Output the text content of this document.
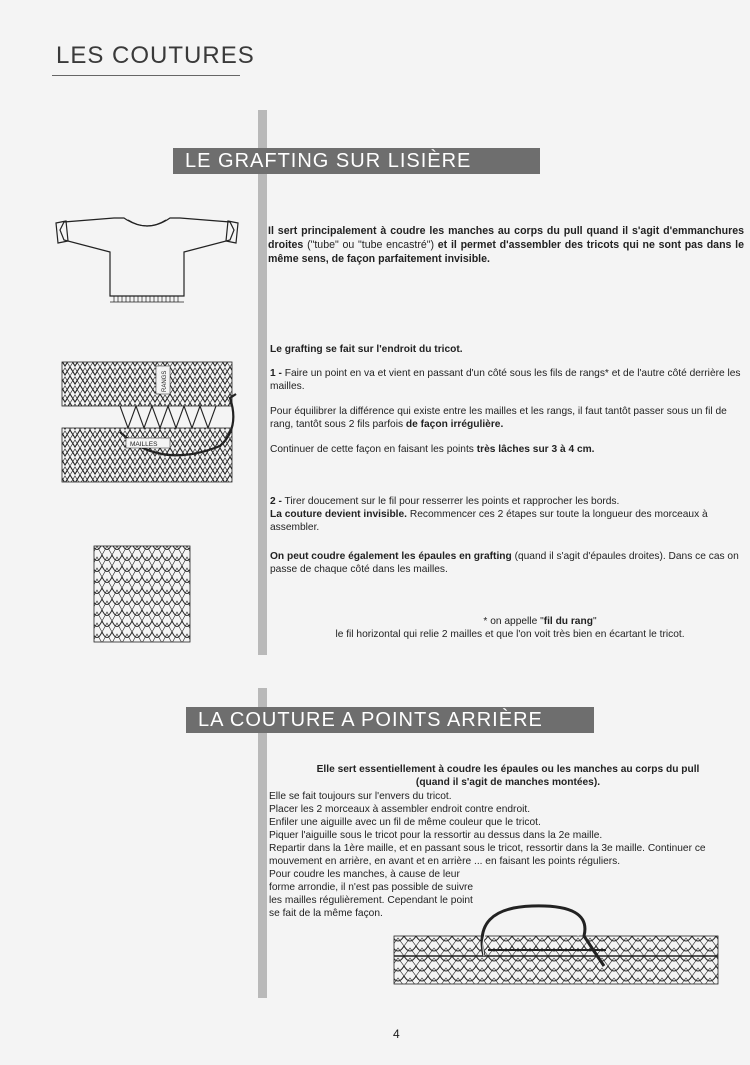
LES COUTURES
LE GRAFTING SUR LISIÈRE
Il sert principalement à coudre les manches au corps du pull quand il s'agit d'emmanchures droites ("tube" ou "tube encastré") et il permet d'assembler des tricots qui ne sont pas dans le même sens, de façon parfaitement invisible.
RANGS
MAILLES

Le grafting se fait sur l'endroit du tricot.

1 - Faire un point en va et vient en passant d'un côté sous les fils de rangs* et de l'autre côté derrière les mailles.

Pour équilibrer la différence qui existe entre les mailles et les rangs, il faut tantôt passer sous un fil de rang, tantôt sous 2 fils parfois de façon irrégulière.

Continuer de cette façon en faisant les points très lâches sur 3 à 4 cm.

2 - Tirer doucement sur le fil pour resserrer les points et rapprocher les bords.

La couture devient invisible. Recommencer ces 2 étapes sur toute la longueur des morceaux à assembler.

On peut coudre également les épaules en grafting (quand il s'agit d'épaules droites). Dans ce cas on passe de chaque côté dans les mailles.

* on appelle "fil du rang"
le fil horizontal qui relie 2 mailles et que l'on voit très bien en écartant le tricot.
LA COUTURE A POINTS ARRIÈRE
Elle sert essentiellement à coudre les épaules ou les manches au corps du pull
(quand il s'agit de manches montées).
Elle se fait toujours sur l'envers du tricot.
Placer les 2 morceaux à assembler endroit contre endroit.
Enfiler une aiguille avec un fil de même couleur que le tricot.
Piquer l'aiguille sous le tricot pour la ressortir au dessus dans la 2e maille.
Repartir dans la 1ère maille, et en passant sous le tricot, ressortir dans la 3e maille. Continuer ce mouvement en arrière, en avant et en arrière ... en faisant les points réguliers.
Pour coudre les manches, à cause de leur forme arrondie, il n'est pas possible de suivre les mailles régulièrement. Cependant le point se fait de la même façon.
4
